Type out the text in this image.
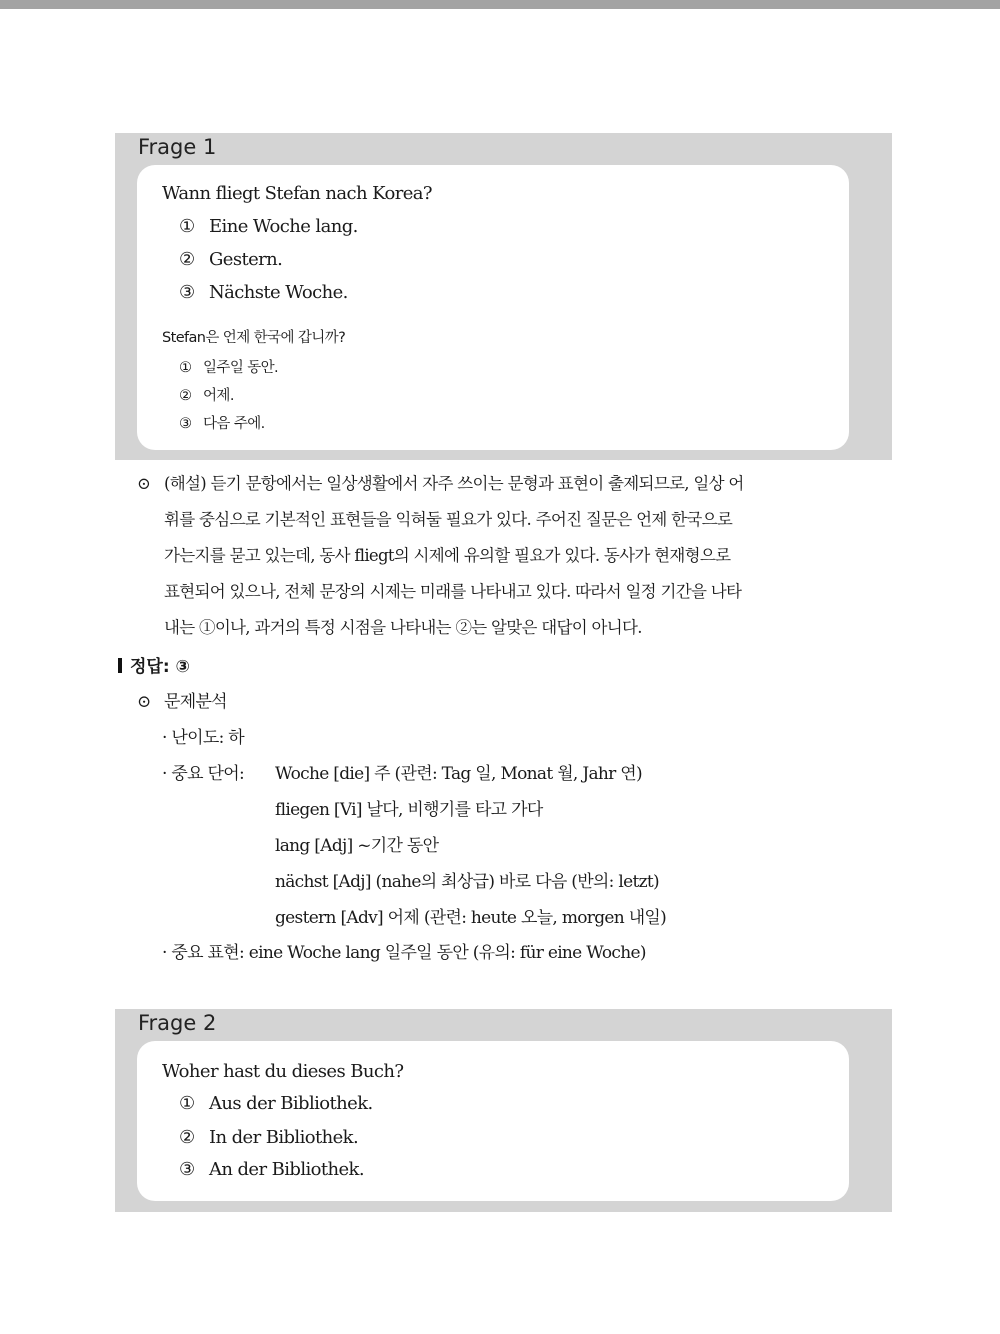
Frage 1
Wann fliegt Stefan nach Korea?
① Eine Woche lang.
② Gestern.
③ Nächste Woche.
Stefan은 언제 한국에 갑니까?
① 일주일 동안.
② 어제.
③ 다음 주에.
⊙ (해설) 듣기 문항에서는 일상생활에서 자주 쓰이는 문형과 표현이 출제되므로, 일상 어
휘를 중심으로 기본적인 표현들을 익혀둘 필요가 있다. 주어진 질문은 언제 한국으로
가는지를 묻고 있는데, 동사 fliegt의 시제에 유의할 필요가 있다. 동사가 현재형으로
표현되어 있으나, 전체 문장의 시제는 미래를 나타내고 있다. 따라서 일정 기간을 나타
내는 ①이나, 과거의 특정 시점을 나타내는 ②는 알맞은 대답이 아니다.
정답: ③
⊙ 문제분석
· 난이도: 하
· 중요 단어: Woche [die] 주 (관련: Tag 일, Monat 월, Jahr 연)
fliegen [Vi] 날다, 비행기를 타고 가다
lang [Adj] ~기간 동안
nächst [Adj] (nahe의 최상급) 바로 다음 (반의: letzt)
gestern [Adv] 어제 (관련: heute 오늘, morgen 내일)
· 중요 표현: eine Woche lang 일주일 동안 (유의: für eine Woche)
Frage 2
Woher hast du dieses Buch?
① Aus der Bibliothek.
② In der Bibliothek.
③ An der Bibliothek.
